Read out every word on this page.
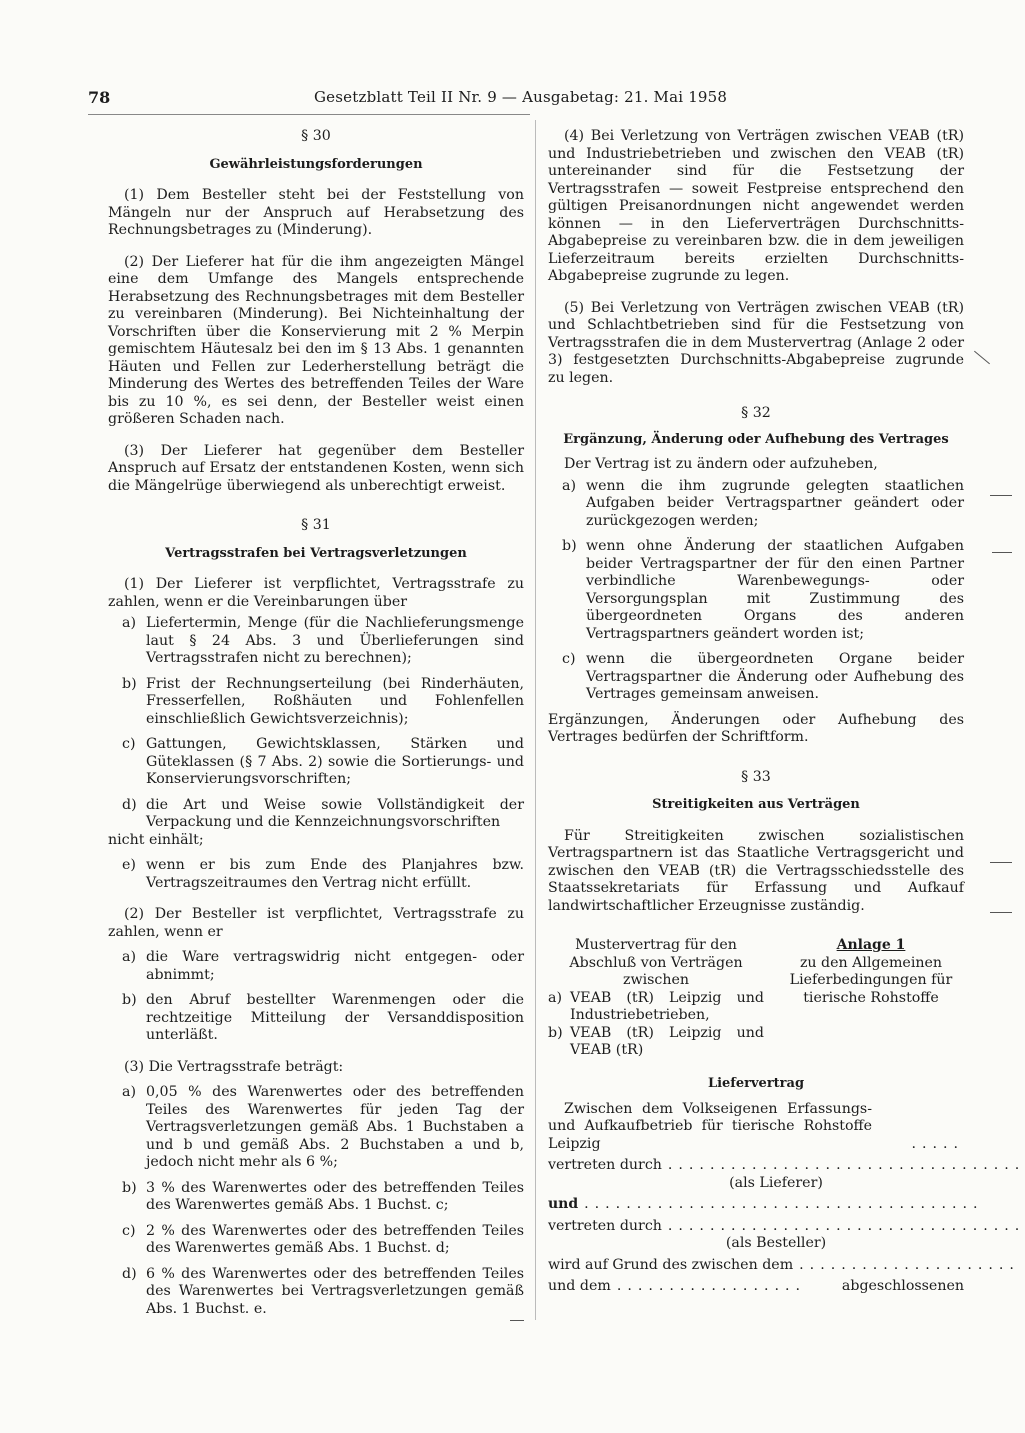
78	Gesetzblatt Teil II Nr. 9 — Ausgabetag: 21. Mai 1958

§ 30

Gewährleistungsforderungen

(1) Dem Besteller steht bei der Feststellung von Mängeln nur der Anspruch auf Herabsetzung des Rechnungsbetrages zu (Minderung).

(2) Der Lieferer hat für die ihm angezeigten Mängel eine dem Umfange des Mangels entsprechende Herabsetzung des Rechnungsbetrages mit dem Besteller zu vereinbaren (Minderung). Bei Nichteinhaltung der Vorschriften über die Konservierung mit 2 % Merpin gemischtem Häutesalz bei den im § 13 Abs. 1 genannten Häuten und Fellen zur Lederherstellung beträgt die Minderung des Wertes des betreffenden Teiles der Ware bis zu 10 %, es sei denn, der Besteller weist einen größeren Schaden nach.

(3) Der Lieferer hat gegenüber dem Besteller Anspruch auf Ersatz der entstandenen Kosten, wenn sich die Mängelrüge überwiegend als unberechtigt erweist.

§ 31

Vertragsstrafen bei Vertragsverletzungen

(1) Der Lieferer ist verpflichtet, Vertragsstrafe zu zahlen, wenn er die Vereinbarungen über

a) Liefertermin, Menge (für die Nachlieferungsmenge laut § 24 Abs. 3 und Überlieferungen sind Vertragsstrafen nicht zu berechnen);
b) Frist der Rechnungserteilung (bei Rinderhäuten, Fresserfellen, Roßhäuten und Fohlenfellen einschließlich Gewichtsverzeichnis);
c) Gattungen, Gewichtsklassen, Stärken und Güteklassen (§ 7 Abs. 2) sowie die Sortierungs- und Konservierungsvorschriften;
d) die Art und Weise sowie Vollständigkeit der Verpackung und die Kennzeichnungsvorschriften

nicht einhält;

e) wenn er bis zum Ende des Planjahres bzw. Vertragszeitraumes den Vertrag nicht erfüllt.

(2) Der Besteller ist verpflichtet, Vertragsstrafe zu zahlen, wenn er

a) die Ware vertragswidrig nicht entgegen- oder abnimmt;
b) den Abruf bestellter Warenmengen oder die rechtzeitige Mitteilung der Versanddisposition unterläßt.

(3) Die Vertragsstrafe beträgt:

a) 0,05 % des Warenwertes oder des betreffenden Teiles des Warenwertes für jeden Tag der Vertragsverletzungen gemäß Abs. 1 Buchstaben a und b und gemäß Abs. 2 Buchstaben a und b, jedoch nicht mehr als 6 %;
b) 3 % des Warenwertes oder des betreffenden Teiles des Warenwertes gemäß Abs. 1 Buchst. c;
c) 2 % des Warenwertes oder des betreffenden Teiles des Warenwertes gemäß Abs. 1 Buchst. d;
d) 6 % des Warenwertes oder des betreffenden Teiles des Warenwertes bei Vertragsverletzungen gemäß Abs. 1 Buchst. e.

(4) Bei Verletzung von Verträgen zwischen VEAB (tR) und Industriebetrieben und zwischen den VEAB (tR) untereinander sind für die Festsetzung der Vertragsstrafen — soweit Festpreise entsprechend den gültigen Preisanordnungen nicht angewendet werden können — in den Lieferverträgen Durchschnitts-Abgabepreise zu vereinbaren bzw. die in dem jeweiligen Lieferzeitraum bereits erzielten Durchschnitts-Abgabepreise zugrunde zu legen.

(5) Bei Verletzung von Verträgen zwischen VEAB (tR) und Schlachtbetrieben sind für die Festsetzung von Vertragsstrafen die in dem Mustervertrag (Anlage 2 oder 3) festgesetzten Durchschnitts-Abgabepreise zugrunde zu legen.

§ 32

Ergänzung, Änderung oder Aufhebung des Vertrages

Der Vertrag ist zu ändern oder aufzuheben,

a) wenn die ihm zugrunde gelegten staatlichen Aufgaben beider Vertragspartner geändert oder zurückgezogen werden;
b) wenn ohne Änderung der staatlichen Aufgaben beider Vertragspartner der für den einen Partner verbindliche Warenbewegungs- oder Versorgungsplan mit Zustimmung des übergeordneten Organs des anderen Vertragspartners geändert worden ist;
c) wenn die übergeordneten Organe beider Vertragspartner die Änderung oder Aufhebung des Vertrages gemeinsam anweisen.

Ergänzungen, Änderungen oder Aufhebung des Vertrages bedürfen der Schriftform.

§ 33

Streitigkeiten aus Verträgen

Für Streitigkeiten zwischen sozialistischen Vertragspartnern ist das Staatliche Vertragsgericht und zwischen den VEAB (tR) die Vertragsschiedsstelle des Staatssekretariats für Erfassung und Aufkauf landwirtschaftlicher Erzeugnisse zuständig.

Mustervertrag für den Abschluß von Verträgen zwischen

a) VEAB (tR) Leipzig und Industriebetrieben,
b) VEAB (tR) Leipzig und VEAB (tR)

Anlage 1

zu den Allgemeinen Lieferbedingungen für tierische Rohstoffe

Liefervertrag

Zwischen dem Volkseigenen Erfassungs- und Aufkaufbetrieb für tierische Rohstoffe Leipzig	.....
vertreten durch ..................................

(als Lieferer)

und ......................................
vertreten durch ..................................

(als Besteller)

wird auf Grund des zwischen dem .....................
und dem ..................	abgeschlossenen
